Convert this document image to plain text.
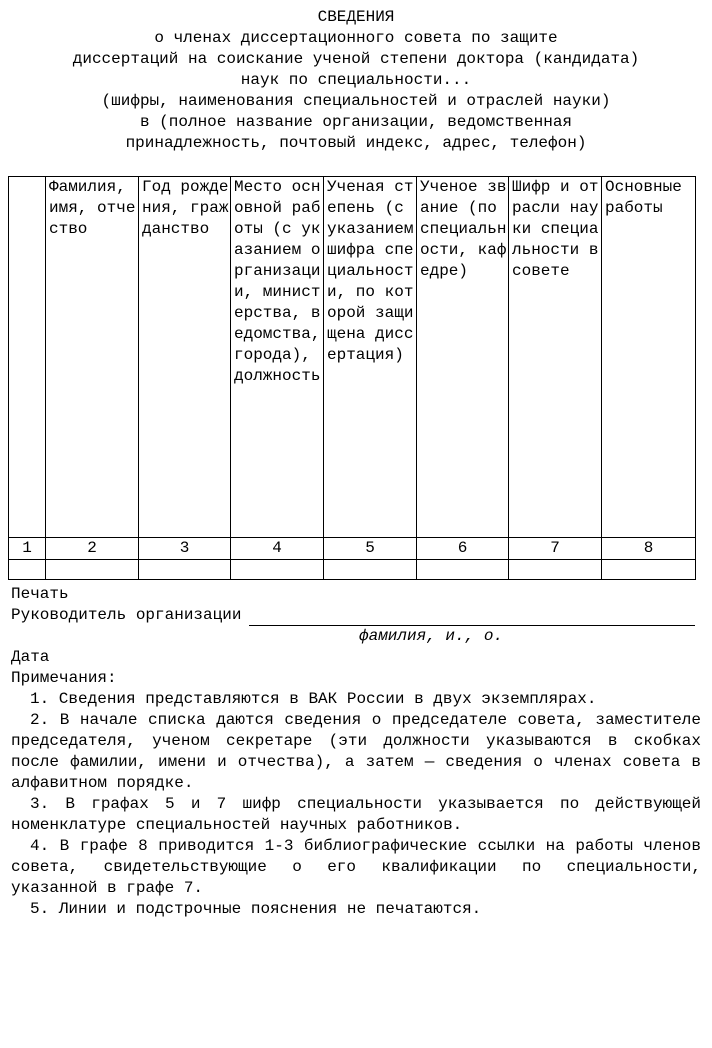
СВЕДЕНИЯ
о членах диссертационного совета по защите
диссертаций на соискание ученой степени доктора (кандидата)
наук по специальности...
(шифры, наименования специальностей и отраслей науки)
в (полное название организации, ведомственная
принадлежность, почтовый индекс, адрес, телефон)

	Фамилия, имя, отчество	Год рождения, гражданство	Место основной работы (с указанием организации, министерства, ведомства, города), должность	Ученая степень (с указанием шифра специальности, по которой защищена диссертация)	Ученое звание (по специальности, кафедре)	Шифр и отрасли науки специальности в совете	Основные работы

1	2	3	4	5	6	7	8

Печать
Руководитель организации
фамилия, и., о.
Дата
Примечания:
1. Сведения представляются в ВАК России в двух экземплярах.
2. В начале списка даются сведения о председателе совета, заместителе председателя, ученом секретаре (эти должности указываются в скобках после фамилии, имени и отчества), а затем — сведения о членах совета в алфавитном порядке.
3. В графах 5 и 7 шифр специальности указывается по действующей номенклатуре специальностей научных работников.
4. В графе 8 приводится 1-3 библиографические ссылки на работы членов совета, свидетельствующие о его квалификации по специальности, указанной в графе 7.
5. Линии и подстрочные пояснения не печатаются.
